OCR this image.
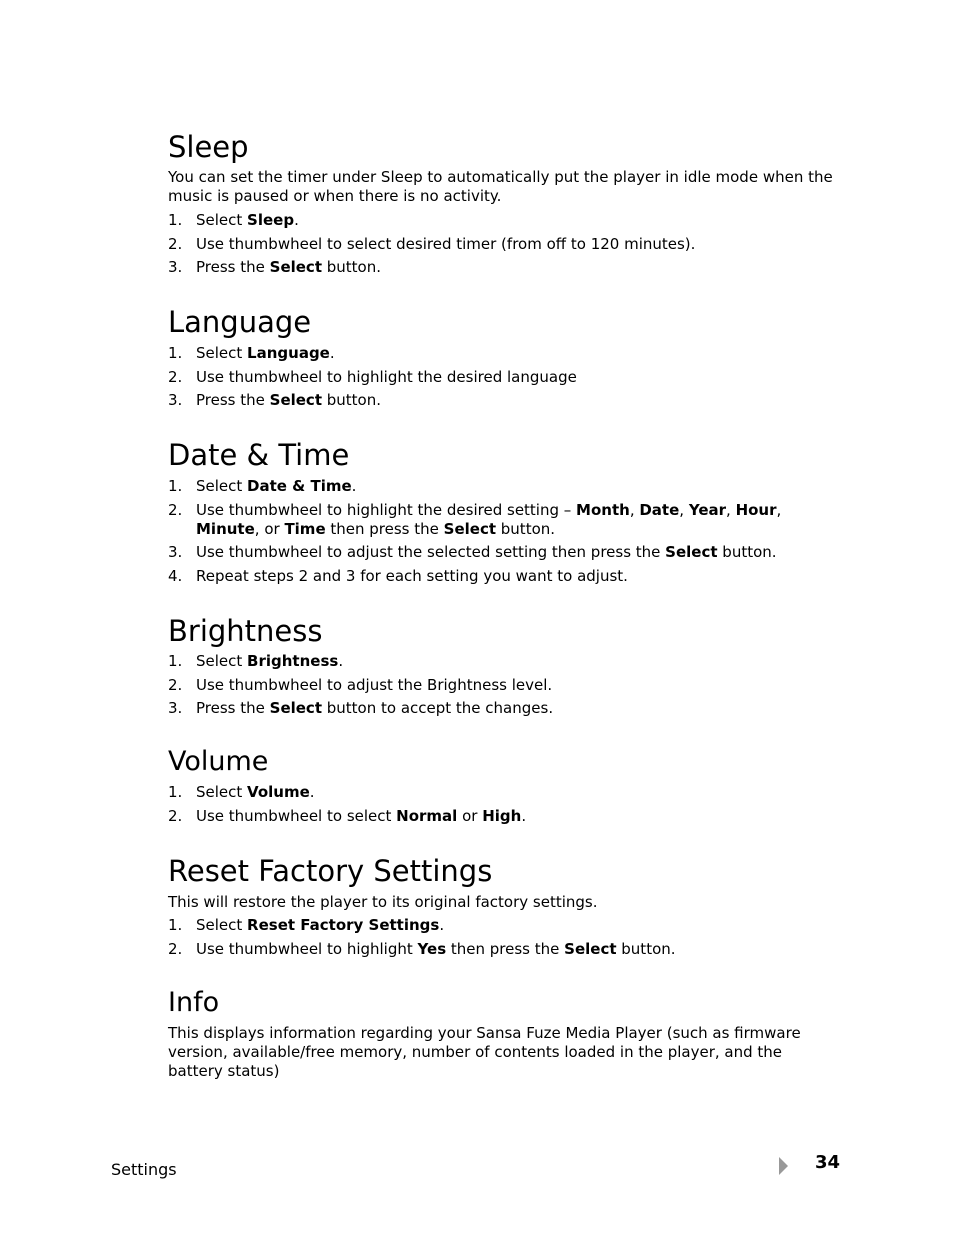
Sleep

You can set the timer under Sleep to automatically put the player in idle mode when the music is paused or when there is no activity.

1. Select Sleep.
2. Use thumbwheel to select desired timer (from off to 120 minutes).
3. Press the Select button.
Language
1. Select Language.
2. Use thumbwheel to highlight the desired language
3. Press the Select button.
Date & Time
1. Select Date & Time.
2. Use thumbwheel to highlight the desired setting – Month, Date, Year, Hour, Minute, or Time then press the Select button.
3. Use thumbwheel to adjust the selected setting then press the Select button.
4. Repeat steps 2 and 3 for each setting you want to adjust.
Brightness
1. Select Brightness.
2. Use thumbwheel to adjust the Brightness level.
3. Press the Select button to accept the changes.
Volume
1. Select Volume.
2. Use thumbwheel to select Normal or High.
Reset Factory Settings

This will restore the player to its original factory settings.

1. Select Reset Factory Settings.
2. Use thumbwheel to highlight Yes then press the Select button.
Info

This displays information regarding your Sansa Fuze Media Player (such as firmware version, available/free memory, number of contents loaded in the player, and the battery status)

Settings	34
